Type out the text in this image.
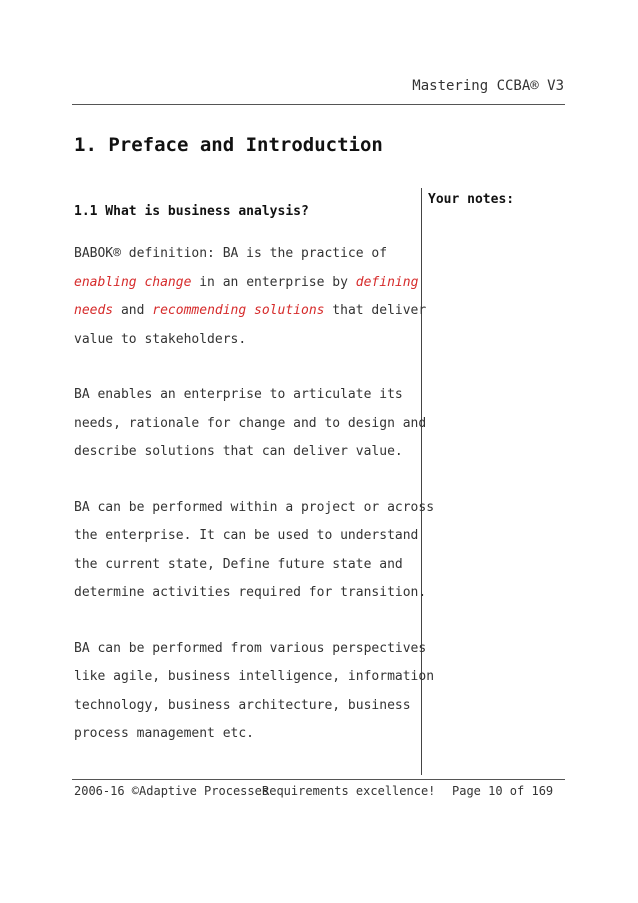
Mastering CCBA® V3
1. Preface and Introduction
1.1 What is business analysis?
Your notes:
BABOK® definition: BA is the practice of
enabling change in an enterprise by defining
needs and recommending solutions that deliver
value to stakeholders.
BA enables an enterprise to articulate its
needs, rationale for change and to design and
describe solutions that can deliver value.
BA can be performed within a project or across
the enterprise. It can be used to understand
the current state, Define future state and
determine activities required for transition.
BA can be performed from various perspectives
like agile, business intelligence, information
technology, business architecture, business
process management etc.
2006-16 ©Adaptive ProcessesRequirements excellence! Page 10 of 169
